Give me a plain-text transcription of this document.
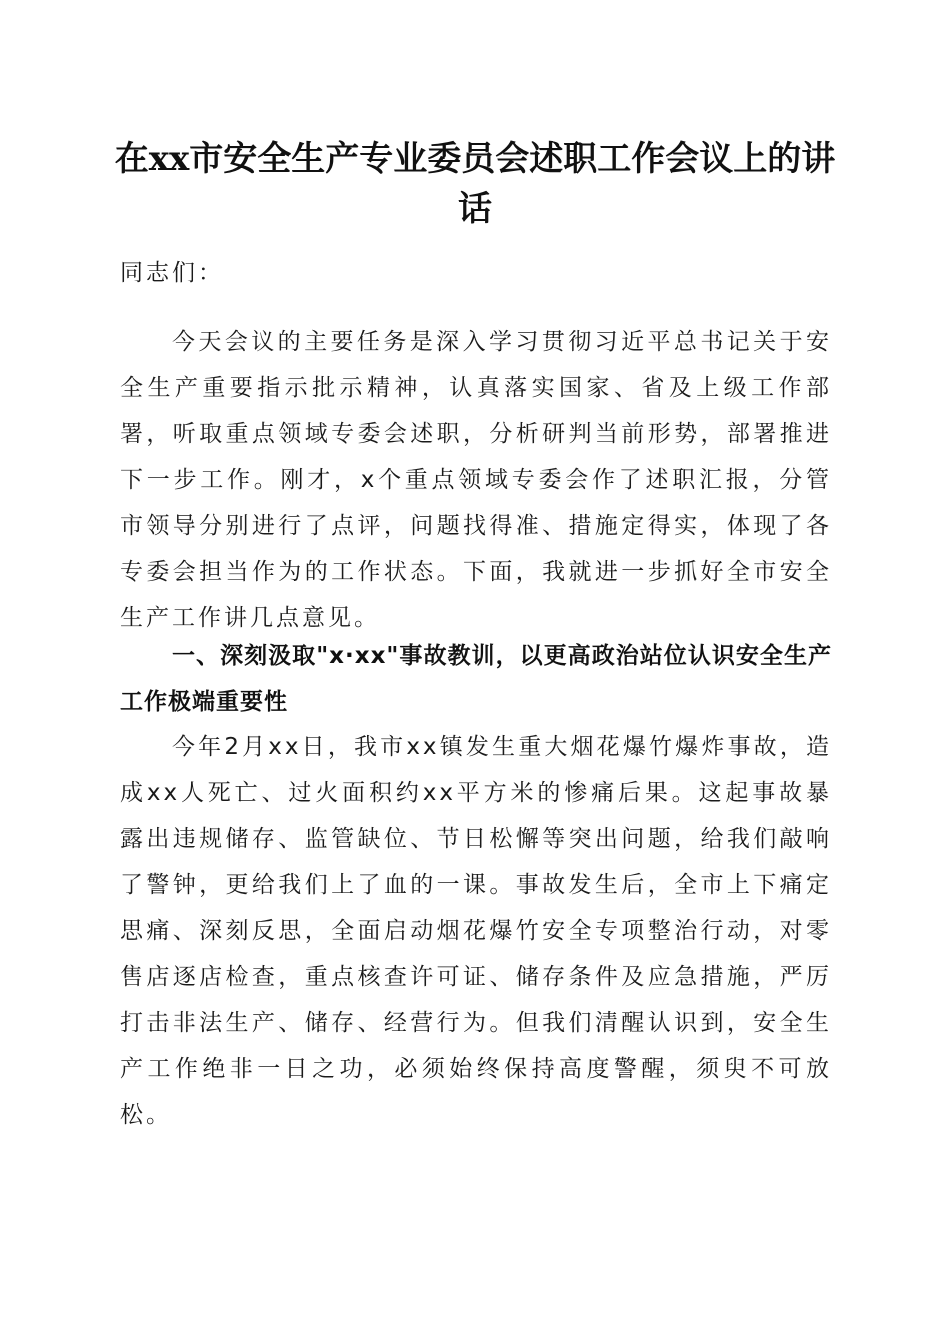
在xx市安全生产专业委员会述职工作会议上的讲话

同志们：

今天会议的主要任务是深入学习贯彻习近平总书记关于安全生产重要指示批示精神，认真落实国家、省及上级工作部署，听取重点领域专委会述职，分析研判当前形势，部署推进下一步工作。刚才，x个重点领域专委会作了述职汇报，分管市领导分别进行了点评，问题找得准、措施定得实，体现了各专委会担当作为的工作状态。下面，我就进一步抓好全市安全生产工作讲几点意见。

一、深刻汲取"x·xx"事故教训，以更高政治站位认识安全生产工作极端重要性

今年2月xx日，我市xx镇发生重大烟花爆竹爆炸事故，造成xx人死亡、过火面积约xx平方米的惨痛后果。这起事故暴露出违规储存、监管缺位、节日松懈等突出问题，给我们敲响了警钟，更给我们上了血的一课。事故发生后，全市上下痛定思痛、深刻反思，全面启动烟花爆竹安全专项整治行动，对零售店逐店检查，重点核查许可证、储存条件及应急措施，严厉打击非法生产、储存、经营行为。但我们清醒认识到，安全生产工作绝非一日之功，必须始终保持高度警醒，须臾不可放松。
